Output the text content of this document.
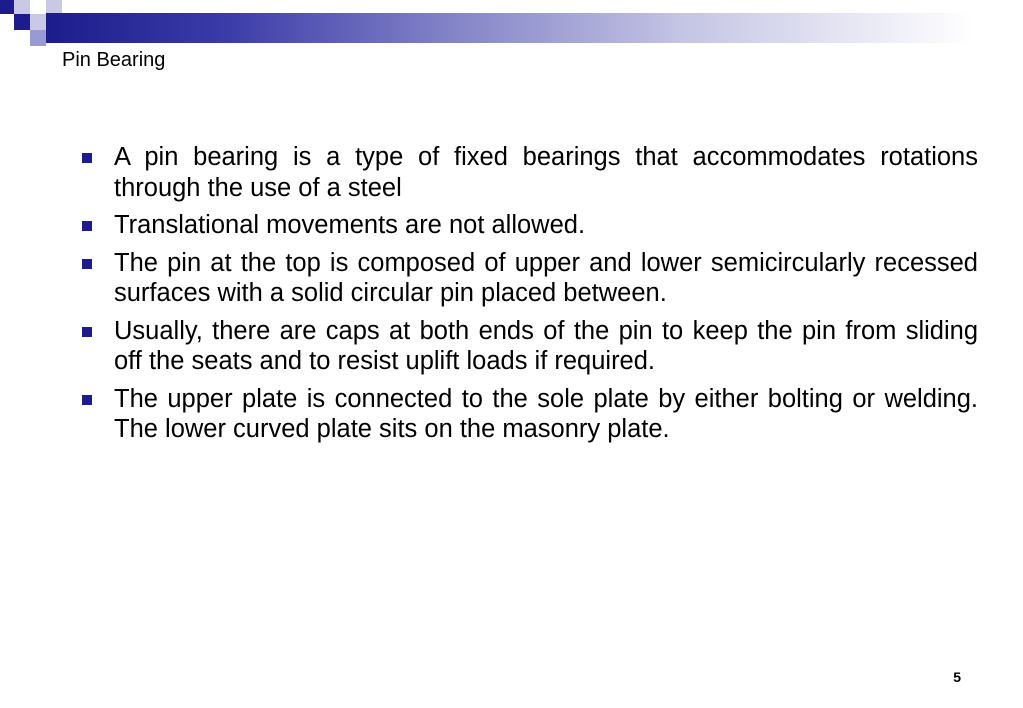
Pin Bearing
A pin bearing is a type of fixed bearings that accommodates rotations through the use of a steel
Translational movements are not allowed.
The pin at the top is composed of upper and lower semicircularly recessed surfaces with a solid circular pin placed between.
Usually, there are caps at both ends of the pin to keep the pin from sliding off the seats and to resist uplift loads if required.
The upper plate is connected to the sole plate by either bolting or welding. The lower curved plate sits on the masonry plate.
5
